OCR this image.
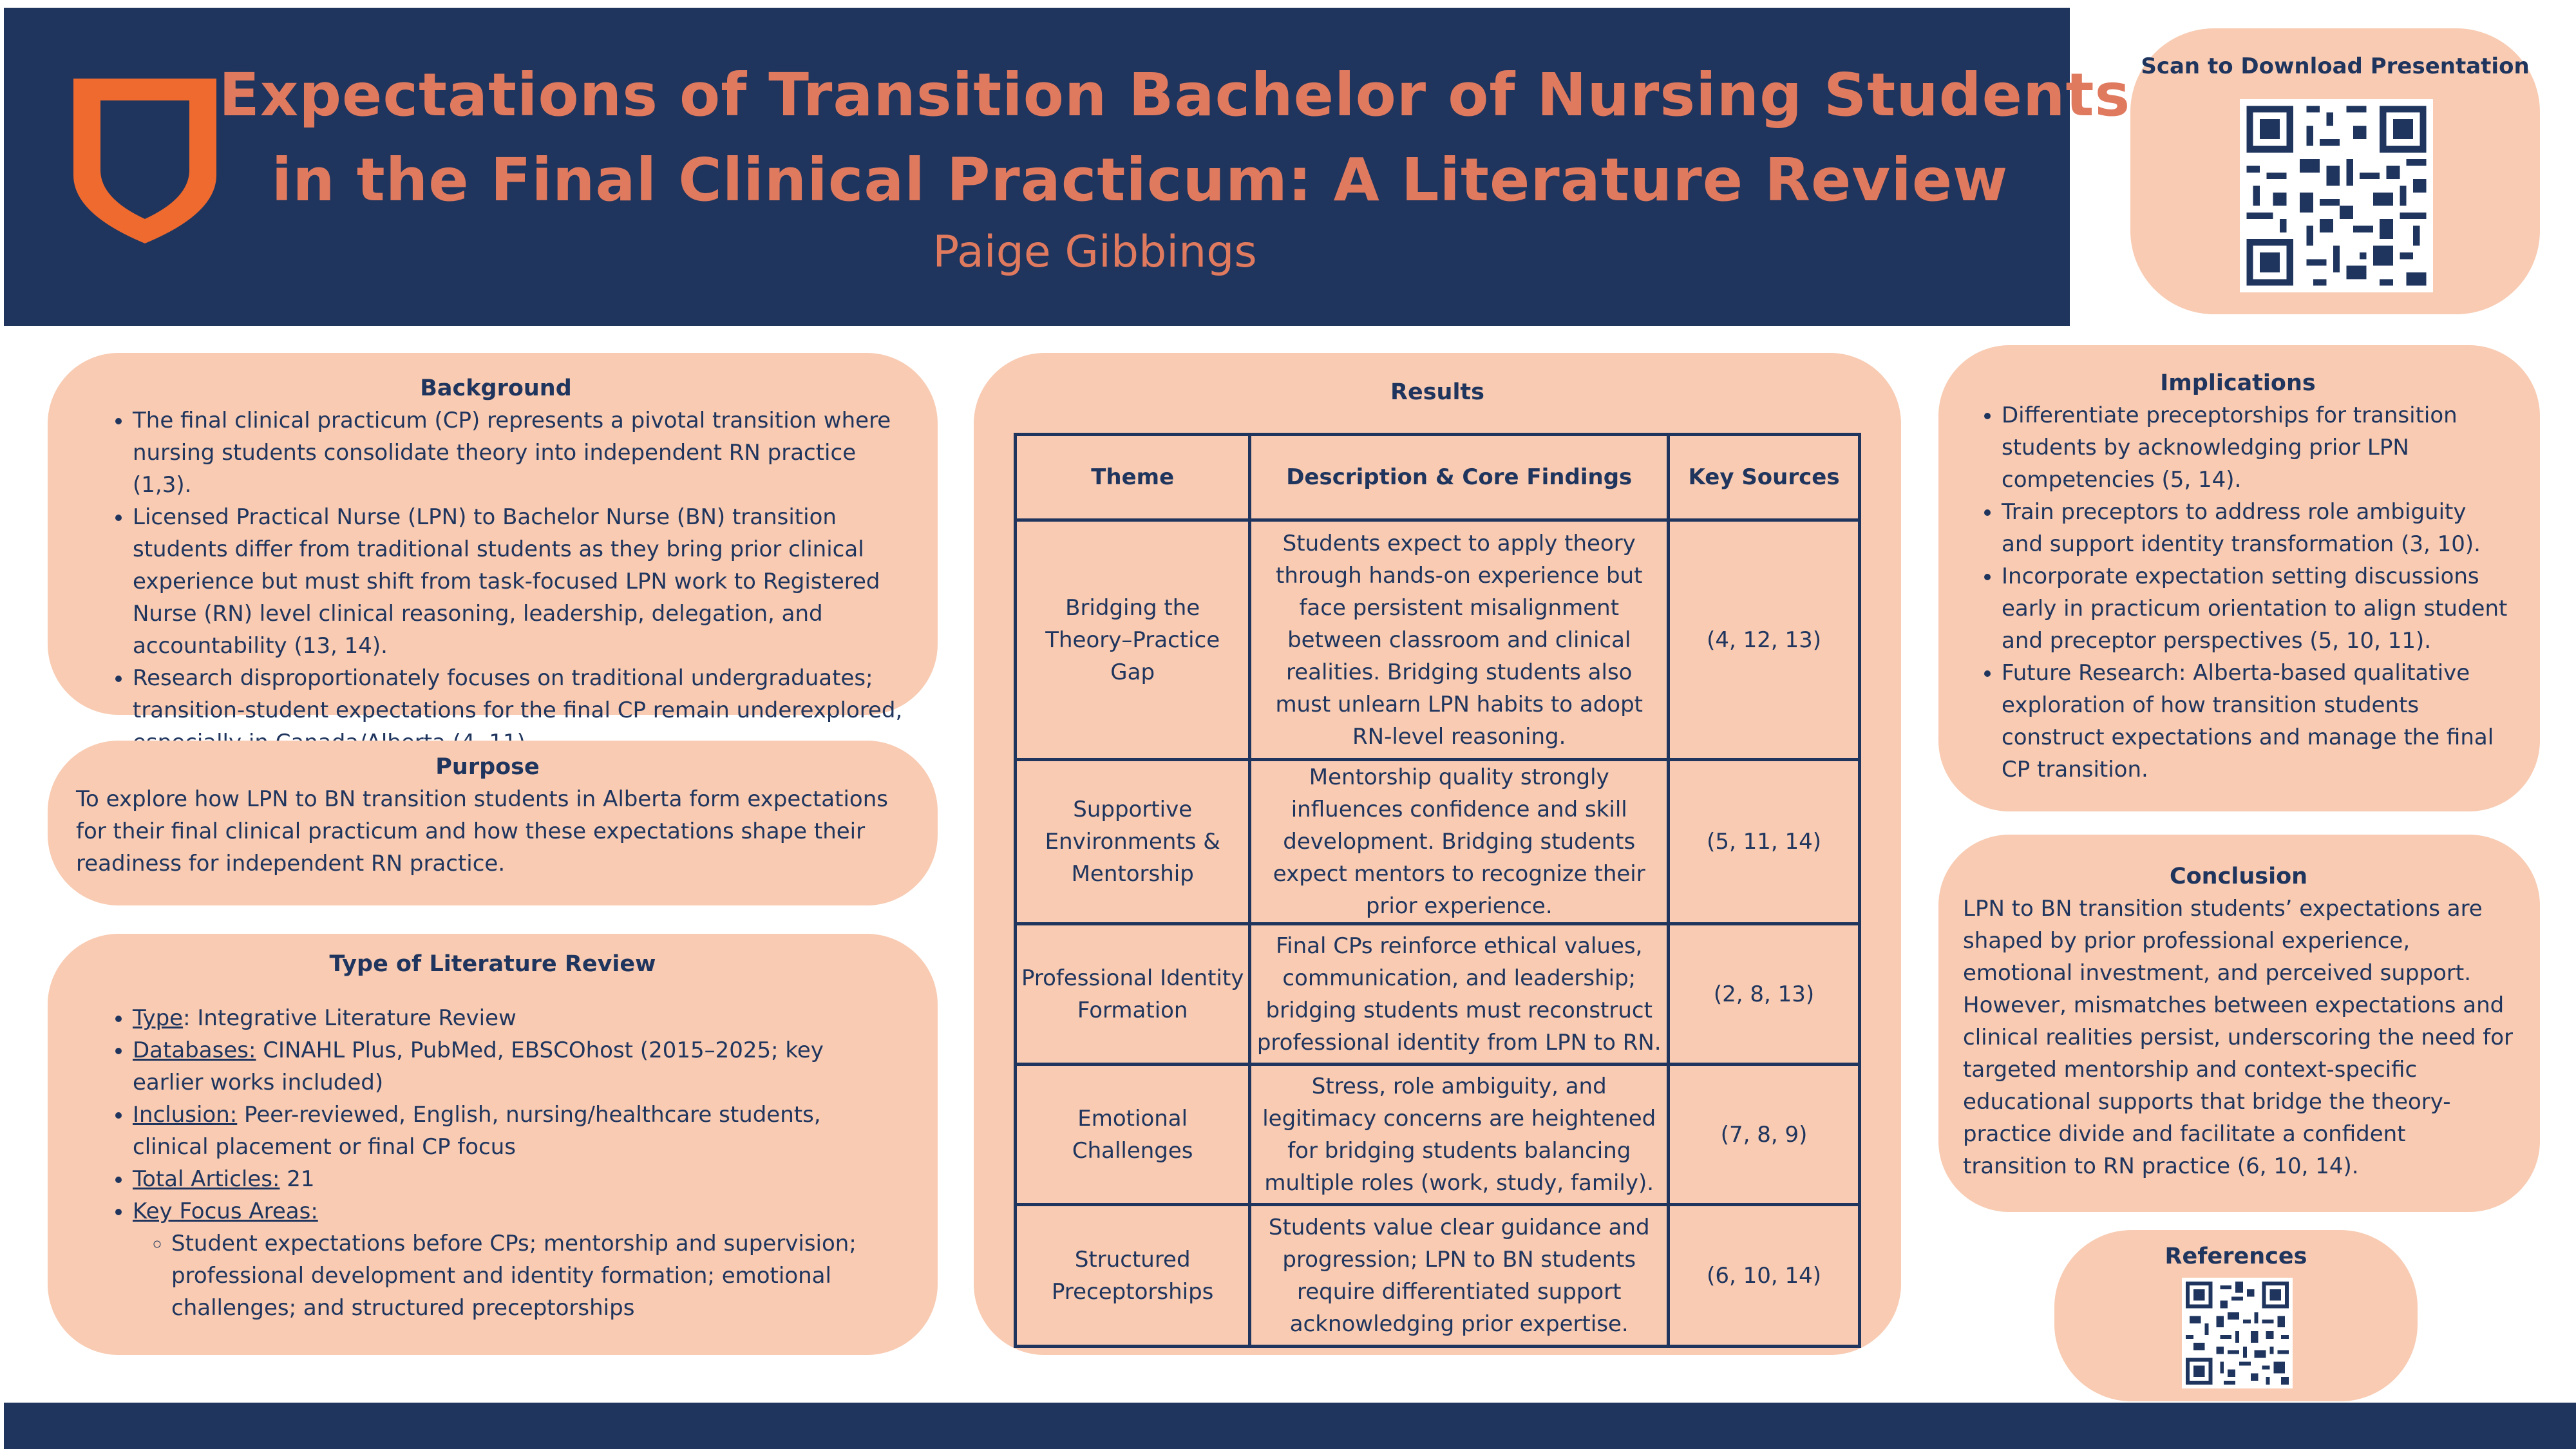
Expectations of Transition Bachelor of Nursing Students
in the Final Clinical Practicum: A Literature Review
Paige Gibbings
Scan to Download Presentation
Background
• The final clinical practicum (CP) represents a pivotal transition where nursing students consolidate theory into independent RN practice (1,3).
• Licensed Practical Nurse (LPN) to Bachelor Nurse (BN) transition students differ from traditional students as they bring prior clinical experience but must shift from task-focused LPN work to Registered Nurse (RN) level clinical reasoning, leadership, delegation, and accountability (13, 14).
• Research disproportionately focuses on traditional undergraduates; transition-student expectations for the final CP remain underexplored,
Purpose
To explore how LPN to BN transition students in Alberta form expectations for their final clinical practicum and how these expectations shape their readiness for independent RN practice.
Type of Literature Review
• Type: Integrative Literature Review
• Databases: CINAHL Plus, PubMed, EBSCOhost (2015–2025; key earlier works included)
• Inclusion: Peer-reviewed, English, nursing/healthcare students, clinical placement or final CP focus
• Total Articles: 21
• Key Focus Areas:
◦ Student expectations before CPs; mentorship and supervision; professional development and identity formation; emotional challenges; and structured preceptorships
Results
Theme	Description & Core Findings	Key Sources
Bridging the Theory–Practice Gap	Students expect to apply theory through hands-on experience but face persistent misalignment between classroom and clinical realities. Bridging students also must unlearn LPN habits to adopt RN-level reasoning.	(4, 12, 13)
Supportive Environments & Mentorship	Mentorship quality strongly influences confidence and skill development. Bridging students expect mentors to recognize their prior experience.	(5, 11, 14)
Professional Identity Formation	Final CPs reinforce ethical values, communication, and leadership; bridging students must reconstruct professional identity from LPN to RN.	(2, 8, 13)
Emotional Challenges	Stress, role ambiguity, and legitimacy concerns are heightened for bridging students balancing multiple roles (work, study, family).	(7, 8, 9)
Structured Preceptorships	Students value clear guidance and progression; LPN to BN students require differentiated support acknowledging prior expertise.	(6, 10, 14)
Implications
• Differentiate preceptorships for transition students by acknowledging prior LPN competencies (5, 14).
• Train preceptors to address role ambiguity and support identity transformation (3, 10).
• Incorporate expectation setting discussions early in practicum orientation to align student and preceptor perspectives (5, 10, 11).
• Future Research: Alberta-based qualitative exploration of how transition students construct expectations and manage the final CP transition.
Conclusion
LPN to BN transition students’ expectations are shaped by prior professional experience, emotional investment, and perceived support. However, mismatches between expectations and clinical realities persist, underscoring the need for targeted mentorship and context-specific educational supports that bridge the theory-practice divide and facilitate a confident transition to RN practice (6, 10, 14).
References
